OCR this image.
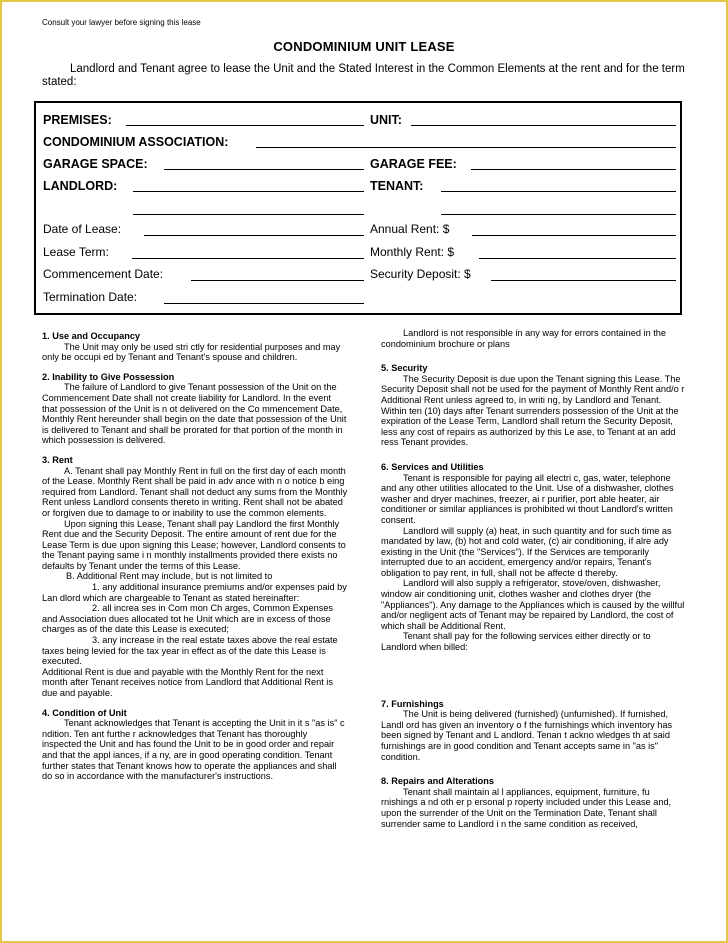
Consult your lawyer before signing this lease
CONDOMINIUM UNIT LEASE
Landlord and Tenant agree to lease the Unit and the Stated Interest in the Common Elements at the rent and for the term stated:
PREMISES:	UNIT:
CONDOMINIUM ASSOCIATION:
GARAGE SPACE:	GARAGE FEE:
LANDLORD:	TENANT:
Date of Lease:	Annual Rent: $
Lease Term:	Monthly Rent: $
Commencement Date:	Security Deposit: $
Termination Date:

1. Use and Occupancy

The Unit may only be used stri ctly for residential purposes and may only be occupi ed by Tenant and Tenant's spouse and children.

2. Inability to Give Possession

The failure of Landlord to give Tenant possession of the Unit on the Commencement Date shall not create liability for Landlord. In the event that possession of the Unit is n ot delivered on the Co mmencement Date, Monthly Rent hereunder shall begin on the date that possession of the Unit is delivered to Tenant and shall be prorated for that portion of the month in which possession is delivered.

3. Rent

A. Tenant shall pay Monthly Rent in full on the first day of each month of the Lease. Monthly Rent shall be paid in adv ance with n o notice b eing required from Landlord. Tenant shall not deduct any sums from the Monthly Rent unless Landlord consents thereto in writing. Rent shall not be abated or forgiven due to damage to or inability to use the common elements.

Upon signing this Lease, Tenant shall pay Landlord the first Monthly Rent due and the Security Deposit. The entire amount of rent due for the Lease Term is due upon signing this Lease; however, Landlord consents to the Tenant paying same i n monthly installments provided there exists no defaults by Tenant under the terms of this Lease.

B. Additional Rent may include, but is not limited to

1. any additional insurance premiums and/or expenses paid by Lan dlord which are chargeable to Tenant as stated hereinafter:

2. all increa ses in Com mon Ch arges, Common Expenses and Association dues allocated tot he Unit which are in excess of those charges as of the date this Lease is executed;

3. any increase in the real estate taxes above the real estate taxes being levied for the tax year in effect as of the date this Lease is executed.

Additional Rent is due and payable with the Monthly Rent for the next month after Tenant receives notice from Landlord that Additional Rent is due and payable.

4. Condition of Unit

Tenant acknowledges that Tenant is accepting the Unit in it s "as is" c ndition. Ten ant furthe r acknowledges that Tenant has thoroughly inspected the Unit and has found the Unit to be in good order and repair and that the appl iances, if a ny, are in good operating condition. Tenant further states that Tenant knows how to operate the appliances and shall do so in accordance with the manufacturer's instructions.

Landlord is not responsible in any way for errors contained in the condominium brochure or plans

5. Security

The Security Deposit is due upon the Tenant signing this Lease. The Security Deposit shall not be used for the payment of Monthly Rent and/o r Additional Rent unless agreed to, in writi ng, by Landlord and Tenant. Within ten (10) days after Tenant surrenders possession of the Unit at the expiration of the Lease Term, Landlord shall return the Security Deposit, less any cost of repairs as authorized by this Le ase, to Tenant at an add ress Tenant provides.

6. Services and Utilities

Tenant is responsible for paying all electri c, gas, water, telephone and any other utilities allocated to the Unit. Use of a dishwasher, clothes washer and dryer machines, freezer, ai r purifier, port able heater, air conditioner or similar appliances is prohibited wi thout Landlord's written consent.

Landlord will supply (a) heat, in such quantity and for such time as mandated by law, (b) hot and cold water, (c) air conditioning, if alre ady existing in the Unit (the "Services"). If the Services are temporarily interrupted due to an accident, emergency and/or repairs, Tenant's obligation to pay rent, in full, shall not be affecte d thereby.

Landlord will also supply a refrigerator, stove/oven, dishwasher, window air conditioning unit, clothes washer and clothes dryer (the "Appliances"). Any damage to the Appliances which is caused by the willful and/or negligent acts of Tenant may be repaired by Landlord, the cost of which shall be Additional Rent.

Tenant shall pay for the following services either directly or to Landlord when billed:

7. Furnishings

The Unit is being delivered (furnished) (unfurnished). If furnished, Landl ord has given an inventory o f the furnishings which inventory has been signed by Tenant and L andlord. Tenan t ackno wledges th at said furnishings are in good condition and Tenant accepts same in "as is" condition.

8. Repairs and Alterations

Tenant shall maintain al l appliances, equipment, furniture, fu rnishings a nd oth er p ersonal p roperty included under this Lease and, upon the surrender of the Unit on the Termination Date, Tenant shall surrender same to Landlord i n the same condition as received,
